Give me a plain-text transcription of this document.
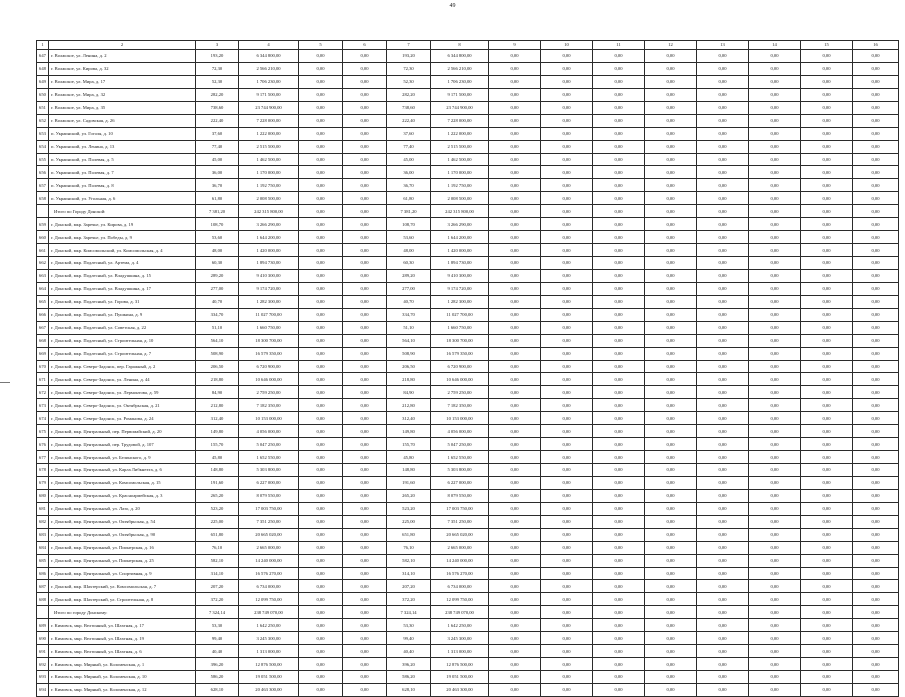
49
1	2	3	4	5	6	7	8	9	10	11	12	13	14	15	16
647	г. Волжское, ул. Ленина, д. 2	193,20	6 344 800,00	0,00	0,00	193,20	6 344 800,00	0,00	0,00	0,00	0,00	0,00	0,00	0,00	0,00
648	г. Волжское, ул. Кирова, д. 32	72,30	2 566 210,00	0,00	0,00	72,30	2 566 210,00	0,00	0,00	0,00	0,00	0,00	0,00	0,00	0,00
649	г. Волжское, ул. Мира, д. 17	52,30	1 706 230,00	0,00	0,00	52,30	1 706 230,00	0,00	0,00	0,00	0,00	0,00	0,00	0,00	0,00
650	г. Волжское, ул. Мира, д. 32	282,20	9 171 500,00	0,00	0,00	282,20	9 171 500,00	0,00	0,00	0,00	0,00	0,00	0,00	0,00	0,00
651	г. Волжское, ул. Мира, д. 35	738,60	23 744 900,00	0,00	0,00	738,60	23 744 900,00	0,00	0,00	0,00	0,00	0,00	0,00	0,00	0,00
652	г. Волжское, ул. Садовская, д. 26	222,40	7 228 000,00	0,00	0,00	222,40	7 228 000,00	0,00	0,00	0,00	0,00	0,00	0,00	0,00	0,00
653	п. Украинский, ул. Гоголя, д. 10	37,60	1 222 000,00	0,00	0,00	37,60	1 222 000,00	0,00	0,00	0,00	0,00	0,00	0,00	0,00	0,00
654	п. Украинский, ул. Ленина, д. 13	77,40	2 515 500,00	0,00	0,00	77,40	2 515 500,00	0,00	0,00	0,00	0,00	0,00	0,00	0,00	0,00
655	п. Украинский, ул. Полевая, д. 5	45,00	1 462 500,00	0,00	0,00	45,00	1 462 500,00	0,00	0,00	0,00	0,00	0,00	0,00	0,00	0,00
656	п. Украинский, ул. Полевая, д. 7	36,00	1 170 000,00	0,00	0,00	36,00	1 170 000,00	0,00	0,00	0,00	0,00	0,00	0,00	0,00	0,00
657	п. Украинский, ул. Полевая, д. 8	36,70	1 192 750,00	0,00	0,00	36,70	1 192 750,00	0,00	0,00	0,00	0,00	0,00	0,00	0,00	0,00
658	п. Украинский, ул. Угольная, д. 6	61,80	2 008 500,00	0,00	0,00	61,80	2 008 500,00	0,00	0,00	0,00	0,00	0,00	0,00	0,00	0,00
	Итого по Городу Донской:	7 381,20	242 315 800,00	0,00	0,00	7 381,20	242 315 800,00	0,00	0,00	0,00	0,00	0,00	0,00	0,00	0,00
659	г. Донской, мкр. Заречье, ул. Кирова, д. 19	108,70	3 266 290,00	0,00	0,00	108,70	3 266 290,00	0,00	0,00	0,00	0,00	0,00	0,00	0,00	0,00
660	г. Донской, мкр. Заречье, ул. Победы, д. 9	53,60	1 644 200,00	0,00	0,00	53,60	1 644 200,00	0,00	0,00	0,00	0,00	0,00	0,00	0,00	0,00
661	г. Донской, мкр. Комсомольский, ул. Комсомольская, д. 4	48,00	1 420 000,00	0,00	0,00	48,00	1 420 000,00	0,00	0,00	0,00	0,00	0,00	0,00	0,00	0,00
662	г. Донской, мкр. Подлесный, ул. Артема, д. 4	60,30	1 894 730,00	0,00	0,00	60,30	1 894 730,00	0,00	0,00	0,00	0,00	0,00	0,00	0,00	0,00
663	г. Донской, мкр. Подлесный, ул. Владушкина, д. 15	289,20	9 410 300,00	0,00	0,00	289,20	9 410 300,00	0,00	0,00	0,00	0,00	0,00	0,00	0,00	0,00
664	г. Донской, мкр. Подлесный, ул. Владушкина, д. 17	277,00	9 174 720,00	0,00	0,00	277,00	9 174 720,00	0,00	0,00	0,00	0,00	0,00	0,00	0,00	0,00
665	г. Донской, мкр. Подлесный, ул. Горова, д. 31	40,70	1 282 300,00	0,00	0,00	40,70	1 282 300,00	0,00	0,00	0,00	0,00	0,00	0,00	0,00	0,00
666	г. Донской, мкр. Подлесный, ул. Пушкина, д. 9	334,70	11 027 700,00	0,00	0,00	334,70	11 027 700,00	0,00	0,00	0,00	0,00	0,00	0,00	0,00	0,00
667	г. Донской, мкр. Подлесный, ул. Советская, д. 22	51,10	1 660 750,00	0,00	0,00	51,10	1 660 750,00	0,00	0,00	0,00	0,00	0,00	0,00	0,00	0,00
668	г. Донской, мкр. Подлесный, ул. Строительная, д. 10	564,10	18 300 700,00	0,00	0,00	564,10	18 300 700,00	0,00	0,00	0,00	0,00	0,00	0,00	0,00	0,00
669	г. Донской, мкр. Подлесный, ул. Строительная, д. 7	508,90	16 579 350,00	0,00	0,00	508,90	16 579 350,00	0,00	0,00	0,00	0,00	0,00	0,00	0,00	0,00
670	г. Донской, мкр. Северо-Задонск, пер. Гаражный, д. 2	206,50	6 720 900,00	0,00	0,00	206,50	6 720 900,00	0,00	0,00	0,00	0,00	0,00	0,00	0,00	0,00
671	г. Донской, мкр. Северо-Задонск, ул. Ленина, д. 44	218,80	10 646 000,00	0,00	0,00	218,80	10 646 000,00	0,00	0,00	0,00	0,00	0,00	0,00	0,00	0,00
672	г. Донской, мкр. Северо-Задонск, ул. Лермонтова, д. 59	84,90	2 759 250,00	0,00	0,00	84,90	2 759 250,00	0,00	0,00	0,00	0,00	0,00	0,00	0,00	0,00
673	г. Донской, мкр. Северо-Задонск, ул. Октябрьская, д. 21	212,80	7 182 350,00	0,00	0,00	212,80	7 182 350,00	0,00	0,00	0,00	0,00	0,00	0,00	0,00	0,00
674	г. Донской, мкр. Северо-Задонск, ул. Романова, д. 24	312,40	10 153 000,00	0,00	0,00	312,40	10 153 000,00	0,00	0,00	0,00	0,00	0,00	0,00	0,00	0,00
675	г. Донской, мкр. Центральный, пер. Первомайский, д. 20	149,80	4 056 000,00	0,00	0,00	149,80	4 056 000,00	0,00	0,00	0,00	0,00	0,00	0,00	0,00	0,00
676	г. Донской, мкр. Центральный, пер. Трудовой, д. 107	155,70	5 047 250,00	0,00	0,00	155,70	5 047 250,00	0,00	0,00	0,00	0,00	0,00	0,00	0,00	0,00
677	г. Донской, мкр. Центральный, ул. Белинского, д. 9	45,80	1 652 550,00	0,00	0,00	45,80	1 652 550,00	0,00	0,00	0,00	0,00	0,00	0,00	0,00	0,00
678	г. Донской, мкр. Центральный, ул. Карла Либкнехта, д. 6	148,80	5 303 800,00	0,00	0,00	148,80	5 303 800,00	0,00	0,00	0,00	0,00	0,00	0,00	0,00	0,00
679	г. Донской, мкр. Центральный, ул. Комсомольская, д. 15	191,60	6 227 000,00	0,00	0,00	191,60	6 227 000,00	0,00	0,00	0,00	0,00	0,00	0,00	0,00	0,00
680	г. Донской, мкр. Центральный, ул. Красноармейская, д. 3	265,20	8 079 550,00	0,00	0,00	265,20	8 079 550,00	0,00	0,00	0,00	0,00	0,00	0,00	0,00	0,00
681	г. Донской, мкр. Центральный, ул. Лазо, д. 20	523,20	17 003 750,00	0,00	0,00	523,20	17 003 750,00	0,00	0,00	0,00	0,00	0,00	0,00	0,00	0,00
682	г. Донской, мкр. Центральный, ул. Октябрьская, д. 54	225,00	7 351 250,00	0,00	0,00	225,00	7 351 250,00	0,00	0,00	0,00	0,00	0,00	0,00	0,00	0,00
683	г. Донской, мкр. Центральный, ул. Октябрьская, д. 90	651,80	20 665 020,00	0,00	0,00	651,80	20 665 020,00	0,00	0,00	0,00	0,00	0,00	0,00	0,00	0,00
684	г. Донской, мкр. Центральный, ул. Пионерская, д. 16	76,10	2 665 000,00	0,00	0,00	76,10	2 665 000,00	0,00	0,00	0,00	0,00	0,00	0,00	0,00	0,00
685	г. Донской, мкр. Центральный, ул. Пионерская, д. 25	582,10	14 240 000,00	0,00	0,00	582,10	14 240 000,00	0,00	0,00	0,00	0,00	0,00	0,00	0,00	0,00
686	г. Донской, мкр. Центральный, ул. Спортивная, д. 9	314,10	16 576 270,00	0,00	0,00	314,10	16 576 270,00	0,00	0,00	0,00	0,00	0,00	0,00	0,00	0,00
687	г. Донской, мкр. Шахтерский, ул. Комсомольская, д. 7	207,20	6 734 000,00	0,00	0,00	207,20	6 734 000,00	0,00	0,00	0,00	0,00	0,00	0,00	0,00	0,00
688	г. Донской, мкр. Шахтерский, ул. Строительная, д. 8	372,20	12 099 750,00	0,00	0,00	372,20	12 099 750,00	0,00	0,00	0,00	0,00	0,00	0,00	0,00	0,00
	Итого по городу Донскому:	7 324,14	238 749 070,00	0,00	0,00	7 324,14	238 749 070,00	0,00	0,00	0,00	0,00	0,00	0,00	0,00	0,00
689	г. Кимовск, мкр. Велтонный, ул. Шахтная, д. 17	53,30	1 642 250,00	0,00	0,00	53,30	1 642 250,00	0,00	0,00	0,00	0,00	0,00	0,00	0,00	0,00
690	г. Кимовск, мкр. Велтонный, ул. Шахтная, д. 19	99,40	3 245 300,00	0,00	0,00	99,40	3 245 300,00	0,00	0,00	0,00	0,00	0,00	0,00	0,00	0,00
691	г. Кимовск, мкр. Велтонный, ул. Шахтная, д. 6	40,40	1 313 000,00	0,00	0,00	40,40	1 313 000,00	0,00	0,00	0,00	0,00	0,00	0,00	0,00	0,00
692	г. Кимовск, мкр. Мирный, ул. Коломенская, д. 1	396,20	12 876 500,00	0,00	0,00	396,20	12 876 500,00	0,00	0,00	0,00	0,00	0,00	0,00	0,00	0,00
693	г. Кимовск, мкр. Мирный, ул. Коломенская, д. 10	586,20	19 051 500,00	0,00	0,00	586,20	19 051 500,00	0,00	0,00	0,00	0,00	0,00	0,00	0,00	0,00
694	г. Кимовск, мкр. Мирный, ул. Коломенская, д. 12	628,10	20 463 300,00	0,00	0,00	628,10	20 463 300,00	0,00	0,00	0,00	0,00	0,00	0,00	0,00	0,00
